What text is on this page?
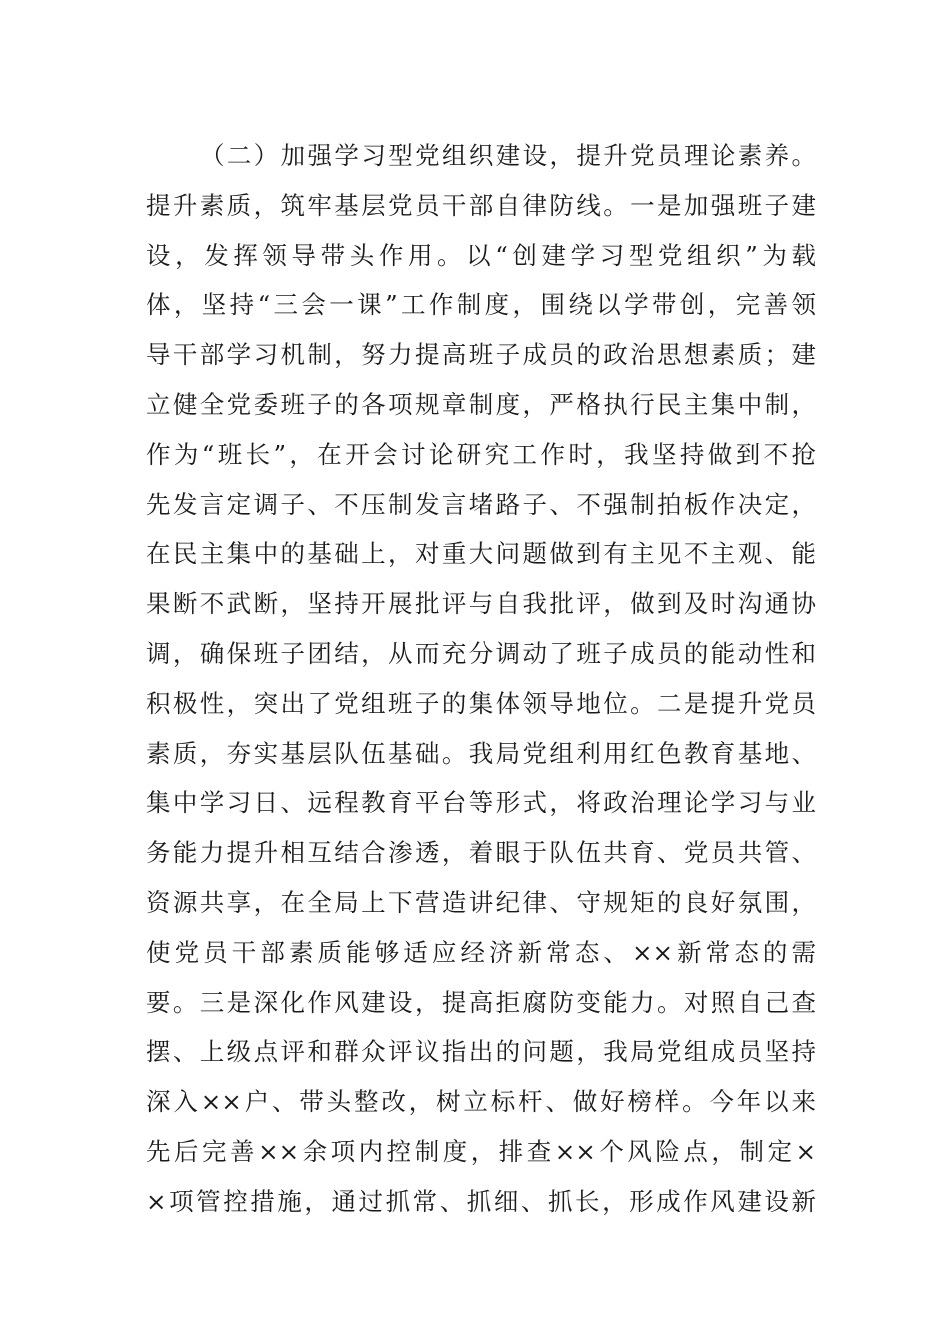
（二）加强学习型党组织建设，提升党员理论素养。
提升素质，筑牢基层党员干部自律防线。一是加强班子建
设，发挥领导带头作用。以“创建学习型党组织”为载
体，坚持“三会一课”工作制度，围绕以学带创，完善领
导干部学习机制，努力提高班子成员的政治思想素质；建
立健全党委班子的各项规章制度，严格执行民主集中制，
作为“班长”，在开会讨论研究工作时，我坚持做到不抢
先发言定调子、不压制发言堵路子、不强制拍板作决定，
在民主集中的基础上，对重大问题做到有主见不主观、能
果断不武断，坚持开展批评与自我批评，做到及时沟通协
调，确保班子团结，从而充分调动了班子成员的能动性和
积极性，突出了党组班子的集体领导地位。二是提升党员
素质，夯实基层队伍基础。我局党组利用红色教育基地、
集中学习日、远程教育平台等形式，将政治理论学习与业
务能力提升相互结合渗透，着眼于队伍共育、党员共管、
资源共享，在全局上下营造讲纪律、守规矩的良好氛围，
使党员干部素质能够适应经济新常态、××新常态的需
要。三是深化作风建设，提高拒腐防变能力。对照自己查
摆、上级点评和群众评议指出的问题，我局党组成员坚持
深入××户、带头整改，树立标杆、做好榜样。今年以来
先后完善××余项内控制度，排查××个风险点，制定×
×项管控措施，通过抓常、抓细、抓长，形成作风建设新
